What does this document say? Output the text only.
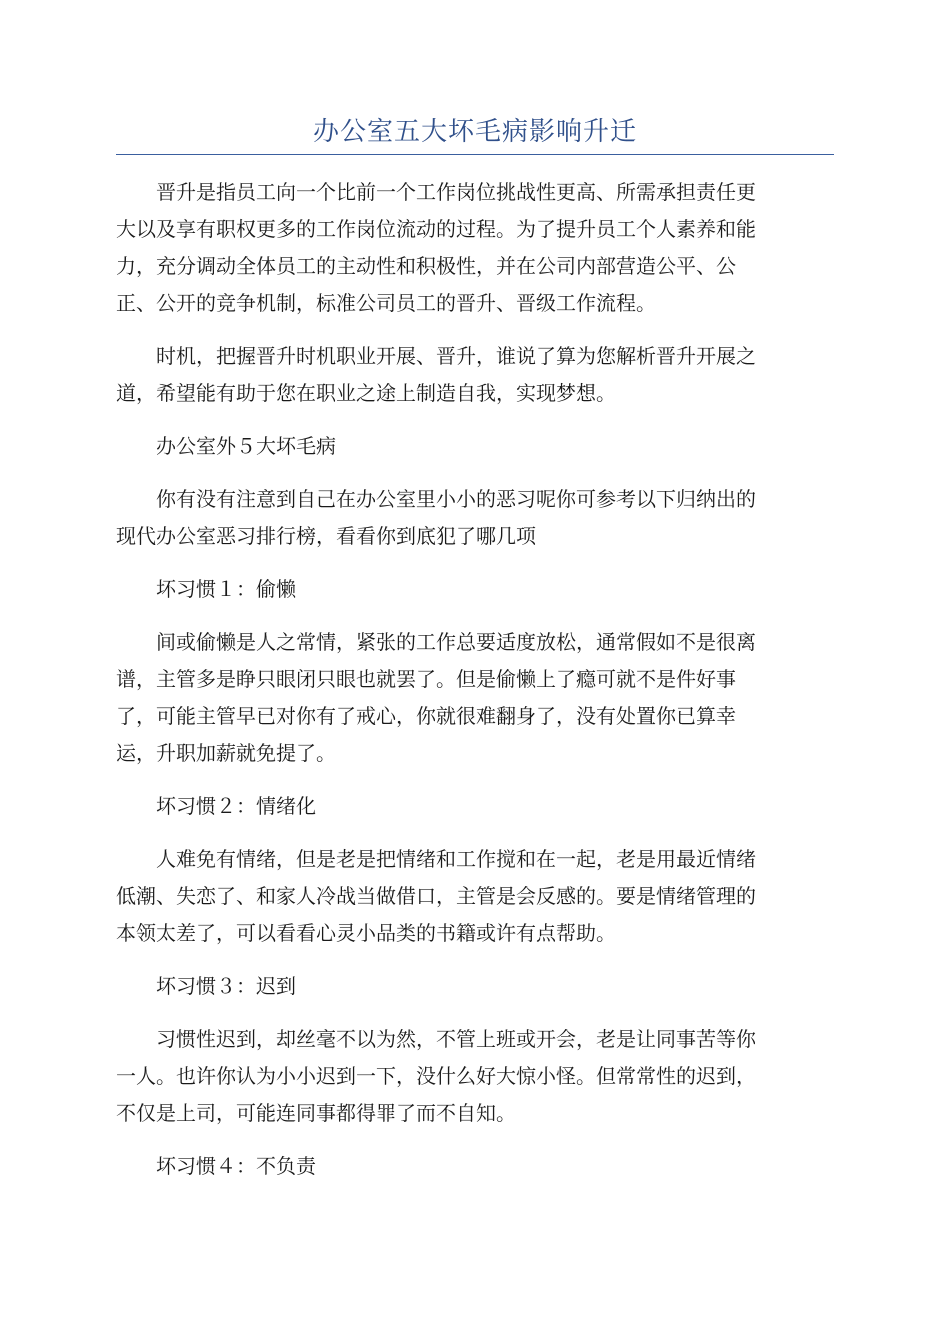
办公室五大坏毛病影响升迁
晋升是指员工向一个比前一个工作岗位挑战性更高、所需承担责任更
大以及享有职权更多的工作岗位流动的过程。为了提升员工个人素养和能
力，充分调动全体员工的主动性和积极性，并在公司内部营造公平、公
正、公开的竞争机制，标准公司员工的晋升、晋级工作流程。
时机，把握晋升时机职业开展、晋升，谁说了算为您解析晋升开展之
道，希望能有助于您在职业之途上制造自我，实现梦想。
办公室外５大坏毛病
你有没有注意到自己在办公室里小小的恶习呢你可参考以下归纳出的
现代办公室恶习排行榜，看看你到底犯了哪几项
坏习惯１：偷懒
间或偷懒是人之常情，紧张的工作总要适度放松，通常假如不是很离
谱，主管多是睁只眼闭只眼也就罢了。但是偷懒上了瘾可就不是件好事
了，可能主管早已对你有了戒心，你就很难翻身了，没有处置你已算幸
运，升职加薪就免提了。
坏习惯２：情绪化
人难免有情绪，但是老是把情绪和工作搅和在一起，老是用最近情绪
低潮、失恋了、和家人冷战当做借口，主管是会反感的。要是情绪管理的
本领太差了，可以看看心灵小品类的书籍或许有点帮助。
坏习惯３：迟到
习惯性迟到，却丝毫不以为然，不管上班或开会，老是让同事苦等你
一人。也许你认为小小迟到一下，没什么好大惊小怪。但常常性的迟到，
不仅是上司，可能连同事都得罪了而不自知。
坏习惯４：不负责
